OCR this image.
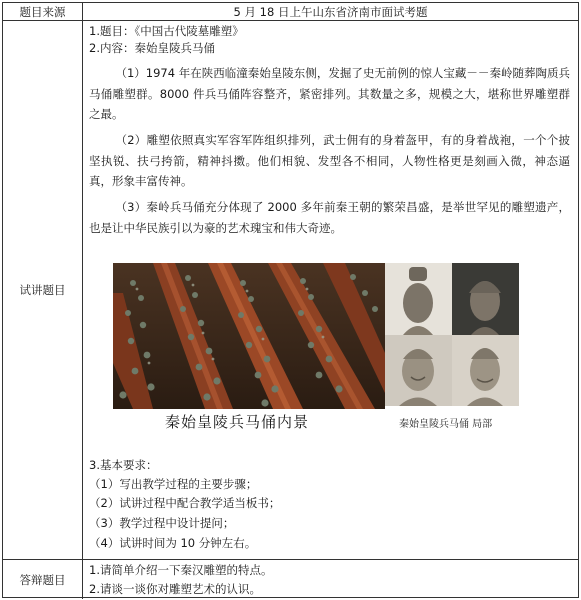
题目来源	5 月 18 日上午山东省济南市面试考题
试讲题目
1.题目：《中国古代陵墓雕塑》
2.内容：秦始皇陵兵马俑
（1）1974 年在陕西临潼秦始皇陵东侧，发掘了史无前例的惊人宝藏－－秦岭随葬陶质兵马俑雕塑群。8000 件兵马俑阵容整齐，紧密排列。其数量之多，规模之大，堪称世界雕塑群之最。
（2）雕塑依照真实军容军阵组织排列，武士佣有的身着盔甲，有的身着战袍，一个个披坚执锐、扶弓挎箭，精神抖擞。他们相貌、发型各不相同，人物性格更是刻画入微，神态逼真，形象丰富传神。
（3）秦岭兵马俑充分体现了 2000 多年前秦王朝的繁荣昌盛，是举世罕见的雕塑遗产，也是让中华民族引以为豪的艺术瑰宝和伟大奇迹。
秦始皇陵兵马俑内景	秦始皇陵兵马俑 局部
3.基本要求：
（1）写出教学过程的主要步骤；
（2）试讲过程中配合教学适当板书；
（3）教学过程中设计提问；
（4）试讲时间为 10 分钟左右。
答辩题目
1.请简单介绍一下秦汉雕塑的特点。
2.请谈一谈你对雕塑艺术的认识。
